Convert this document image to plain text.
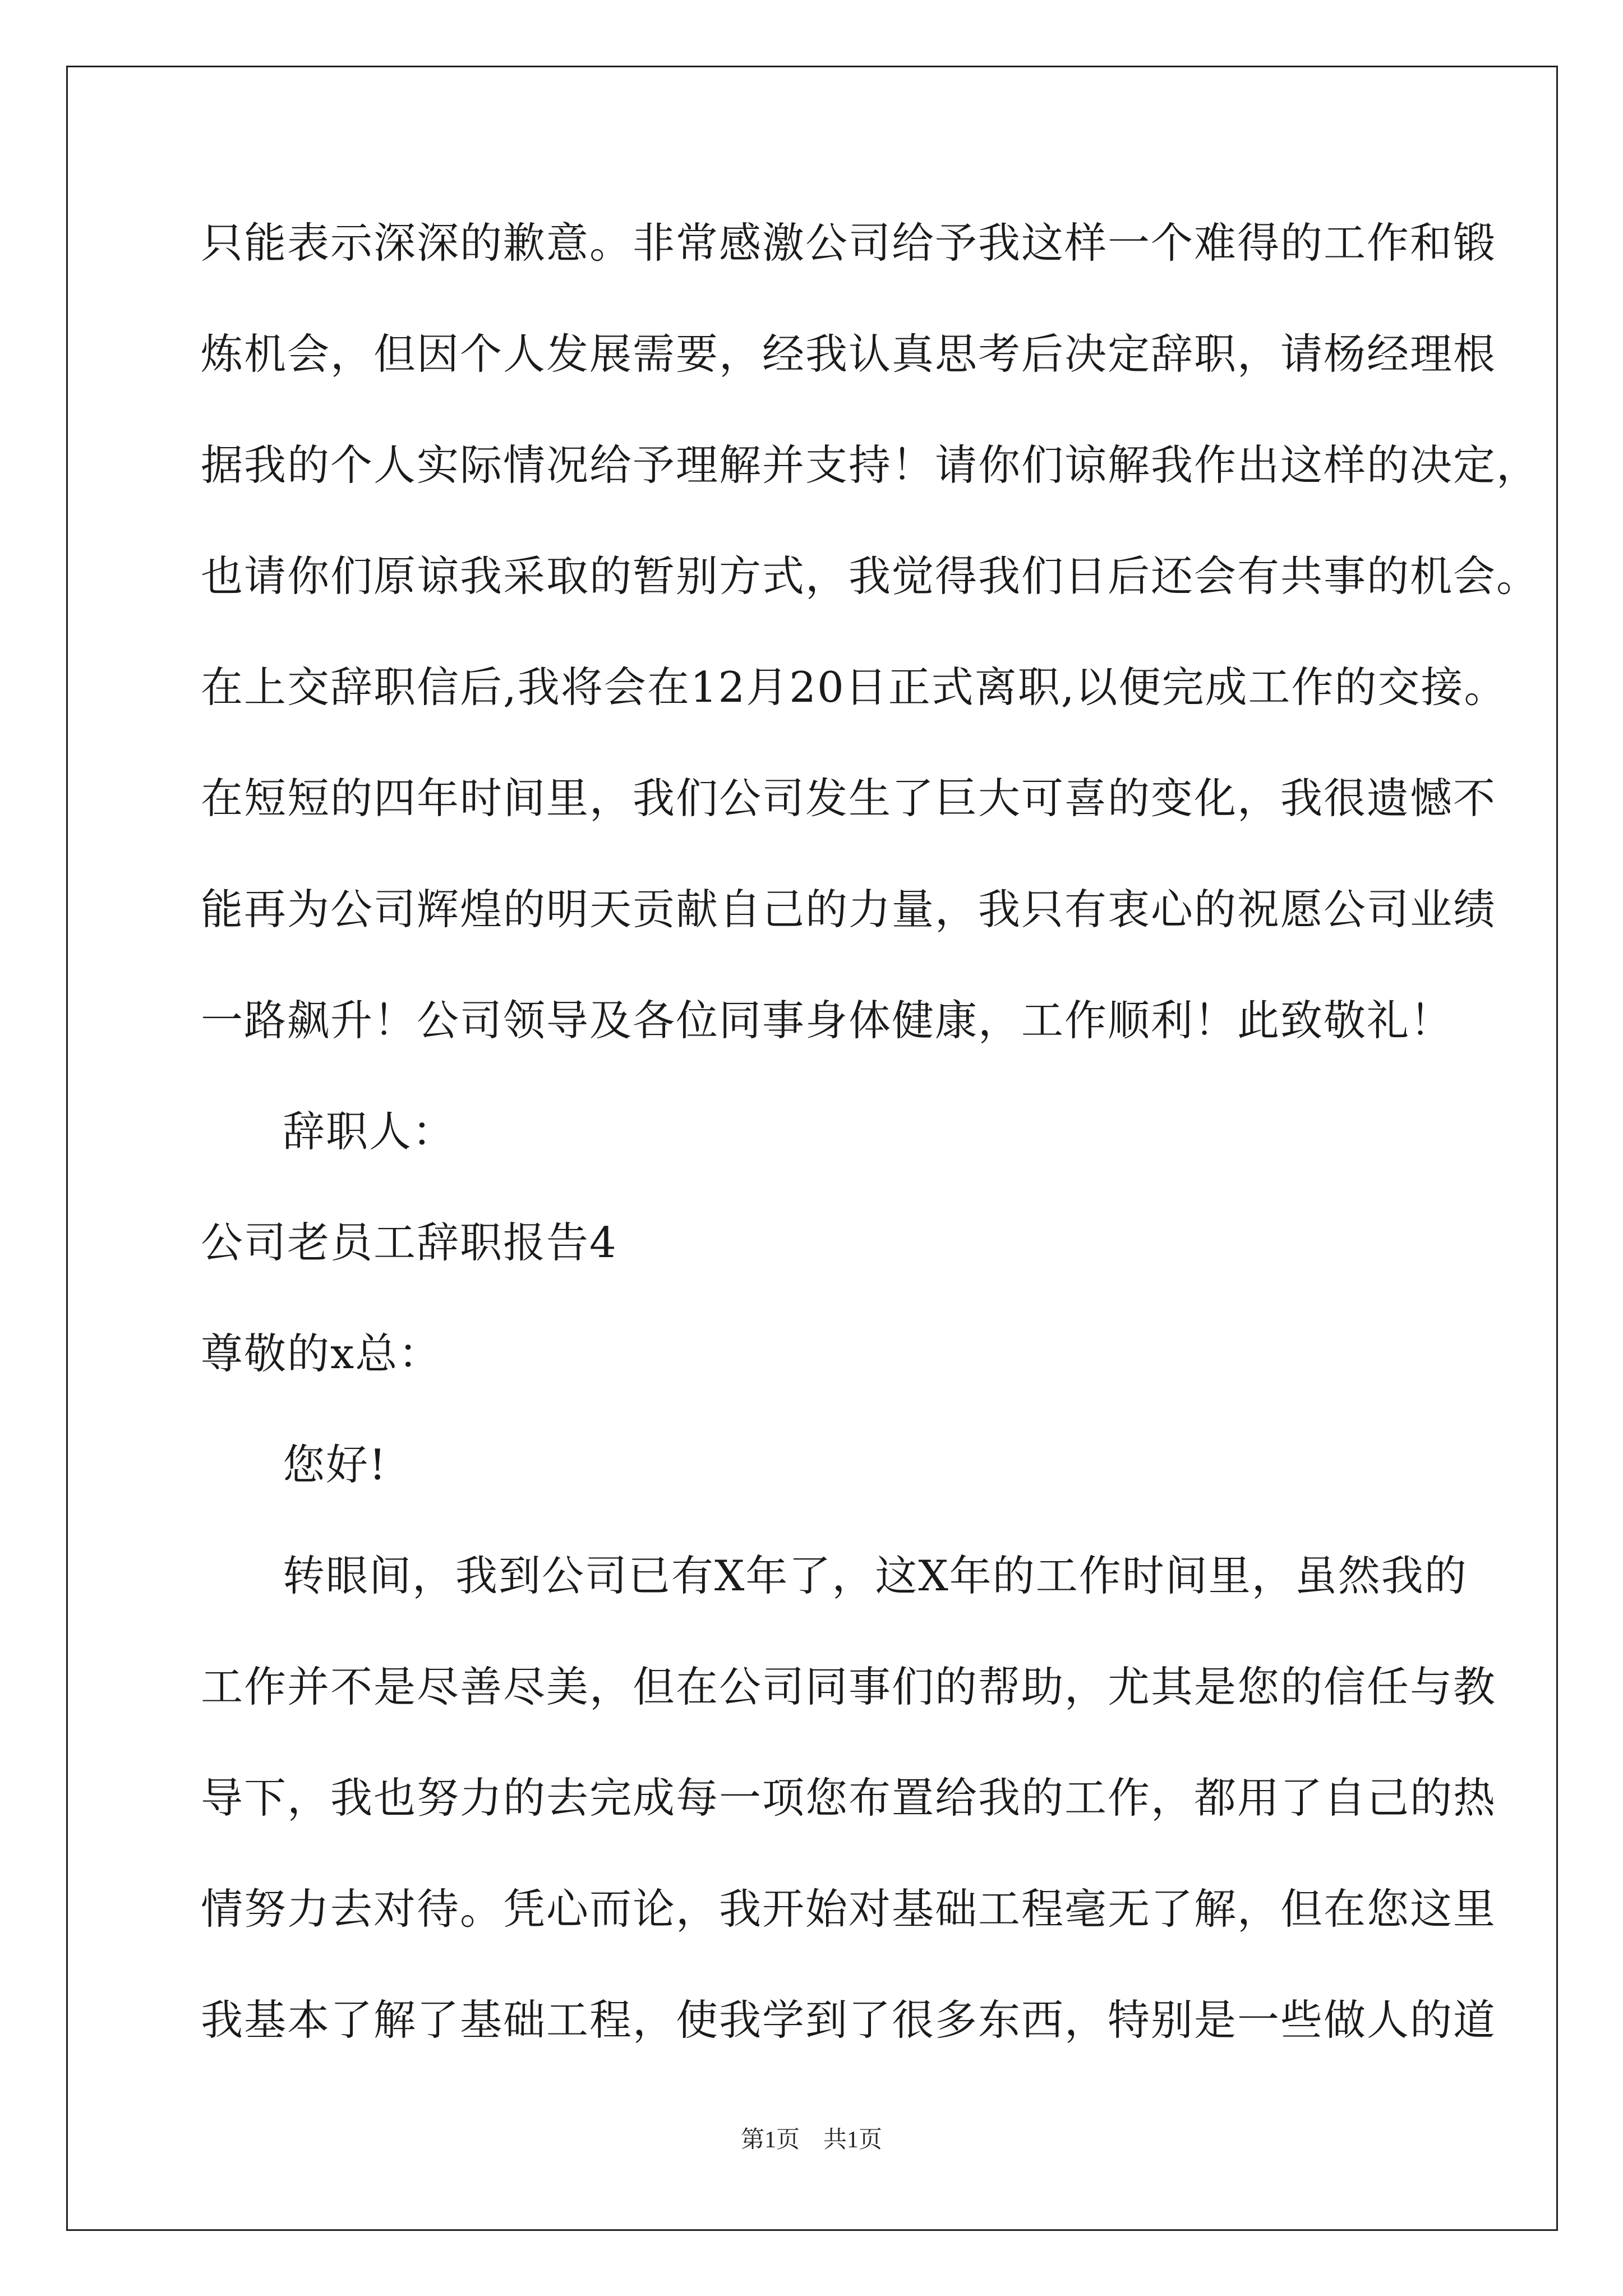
只能表示深深的歉意。非常感激公司给予我这样一个难得的工作和锻
炼机会，但因个人发展需要，经我认真思考后决定辞职，请杨经理根
据我的个人实际情况给予理解并支持！请你们谅解我作出这样的决定，
也请你们原谅我采取的暂别方式，我觉得我们日后还会有共事的机会。
在上交辞职信后,我将会在12月20日正式离职,以便完成工作的交接。
在短短的四年时间里，我们公司发生了巨大可喜的变化，我很遗憾不
能再为公司辉煌的明天贡献自己的力量，我只有衷心的祝愿公司业绩
一路飙升！公司领导及各位同事身体健康，工作顺利！此致敬礼！
辞职人：
公司老员工辞职报告4
尊敬的x总：
您好!
转眼间，我到公司已有X年了，这X年的工作时间里，虽然我的
工作并不是尽善尽美，但在公司同事们的帮助，尤其是您的信任与教
导下，我也努力的去完成每一项您布置给我的工作，都用了自己的热
情努力去对待。凭心而论，我开始对基础工程毫无了解，但在您这里
我基本了解了基础工程，使我学到了很多东西，特别是一些做人的道
第1页　共1页
